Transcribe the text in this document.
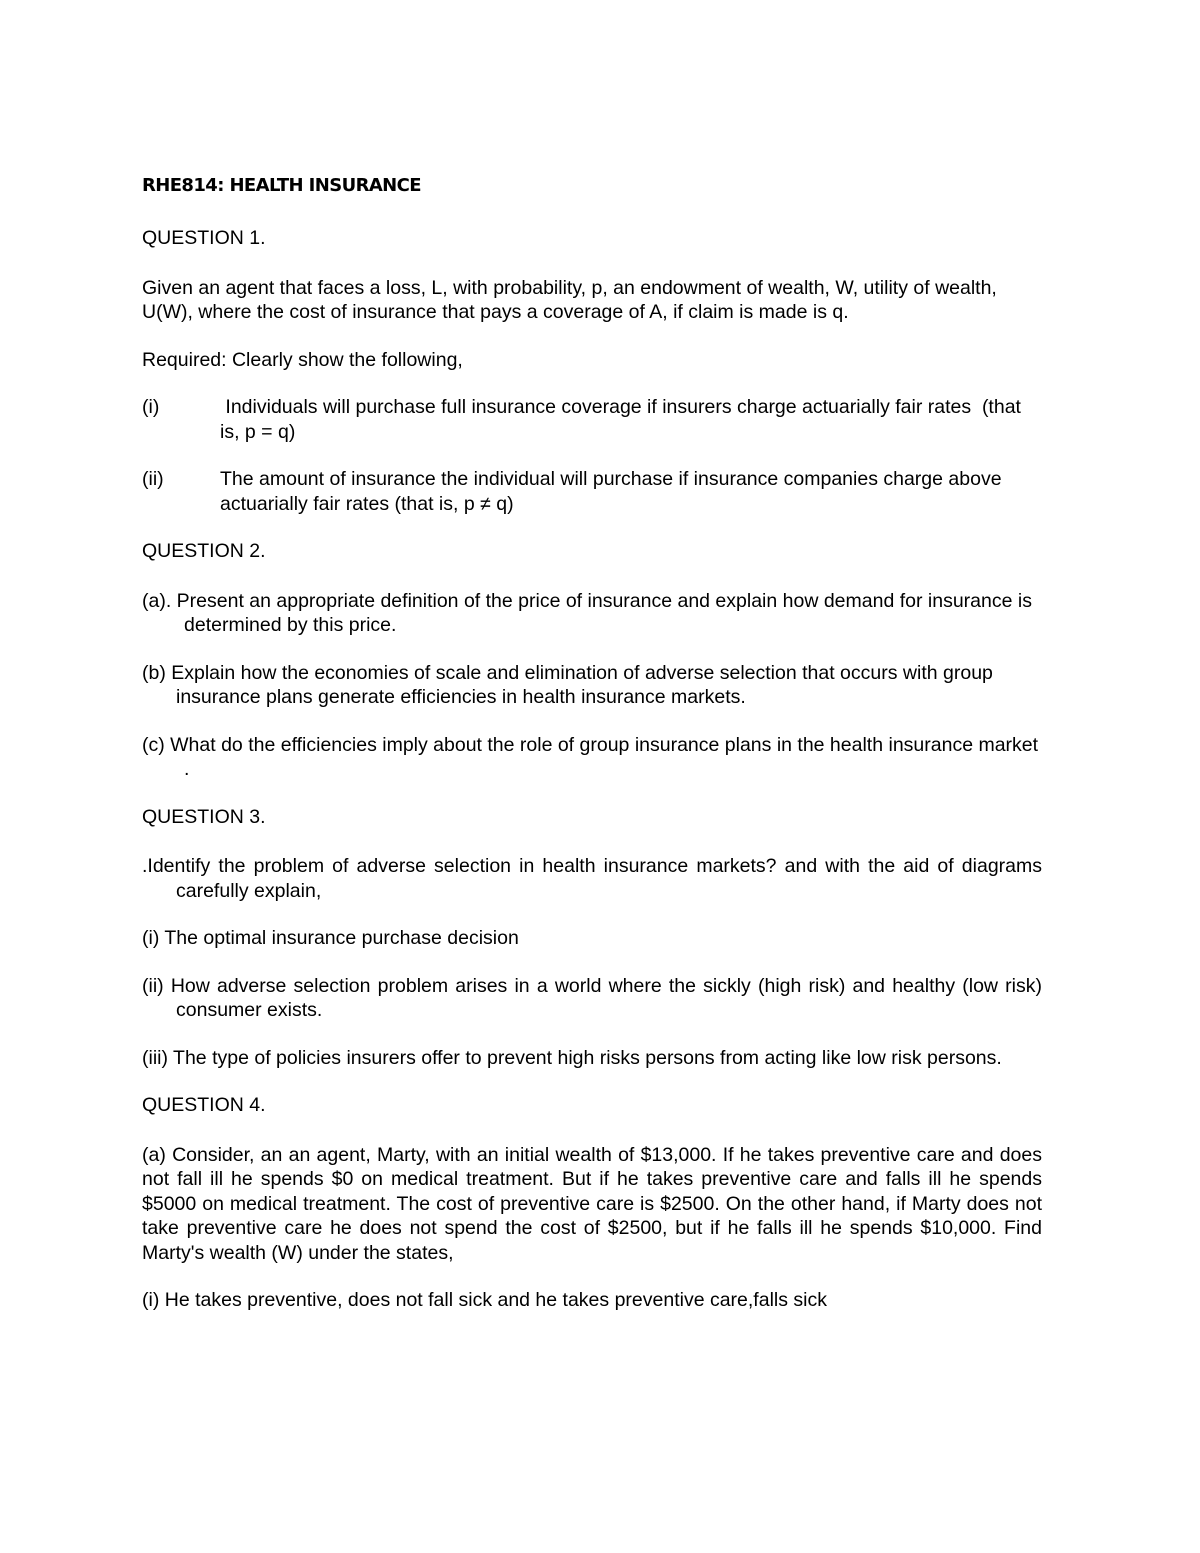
RHE814: HEALTH INSURANCE
QUESTION 1.
Given an agent that faces a loss, L, with probability, p, an endowment of wealth, W, utility of wealth, U(W), where the cost of insurance that pays a coverage of A, if claim is made is q.
Required: Clearly show the following,
(i)	Individuals will purchase full insurance coverage if insurers charge actuarially fair rates  (that is, p = q)
(ii)	The amount of insurance the individual will purchase if insurance companies charge above actuarially fair rates (that is, p ≠ q)
QUESTION 2.
(a). Present an appropriate definition of the price of insurance and explain how demand for insurance is determined by this price.
(b) Explain how the economies of scale and elimination of adverse selection that occurs with group insurance plans generate efficiencies in health insurance markets.
(c) What do the efficiencies imply about the role of group insurance plans in the health insurance market .
QUESTION 3.
.Identify the problem of adverse selection in health insurance markets? and with the aid of diagrams carefully explain,
(i) The optimal insurance purchase decision
(ii) How adverse selection problem arises in a world where the sickly (high risk) and healthy (low risk) consumer exists.
(iii) The type of policies insurers offer to prevent high risks persons from acting like low risk persons.
QUESTION 4.
(a) Consider, an an agent, Marty, with an initial wealth of $13,000. If he takes preventive care and does not fall ill he spends $0 on medical treatment. But if he takes preventive care and falls ill he spends $5000 on medical treatment. The cost of preventive care is $2500. On the other hand, if Marty does not take preventive care he does not spend the cost of $2500, but if he falls ill he spends $10,000. Find Marty's wealth (W) under the states,
(i) He takes preventive, does not fall sick and he takes preventive care,falls sick
